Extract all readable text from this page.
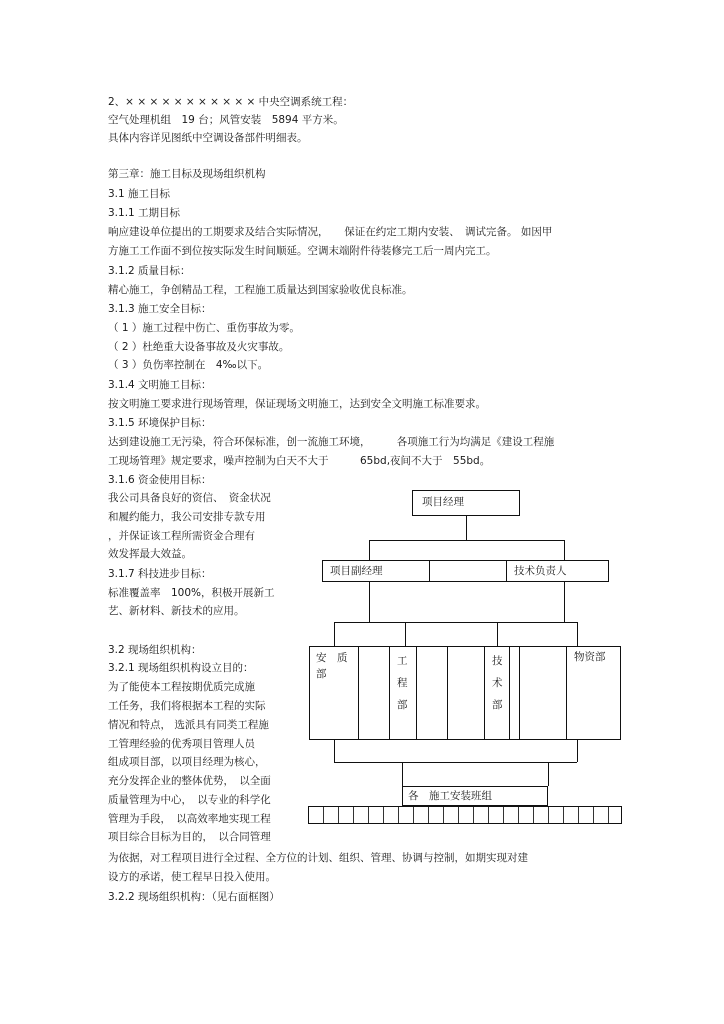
2、× × × × × × × × × × × 中央空调系统工程：
空气处理机组　19 台；风管安装　5894 平方米。
具体内容详见图纸中空调设备部件明细表。
第三章：施工目标及现场组织机构
3.1 施工目标
3.1.1 工期目标
响应建设单位提出的工期要求及结合实际情况，　　保证在约定工期内安装、　调试完备。 如因甲
方施工工作面不到位按实际发生时间顺延。空调末端附件待装修完工后一周内完工。
3.1.2 质量目标：
精心施工，争创精品工程，工程施工质量达到国家验收优良标准。
3.1.3 施工安全目标：
（ 1 ）施工过程中伤亡、重伤事故为零。
（ 2 ）杜绝重大设备事故及火灾事故。
（ 3 ）负伤率控制在　4‰以下。
3.1.4 文明施工目标：
按文明施工要求进行现场管理，保证现场文明施工，达到安全文明施工标准要求。
3.1.5 环境保护目标：
达到建设施工无污染，符合环保标准，创一流施工环境，　　　各项施工行为均满足《建设工程施
工现场管理》规定要求，噪声控制为白天不大于　　　65bd,夜间不大于　55bd。
3.1.6 资金使用目标：
我公司具备良好的资信、　资金状况
和履约能力，我公司安排专款专用
，并保证该工程所需资金合理有
效发挥最大效益。
3.1.7 科技进步目标：
标准覆盖率　100%，积极开展新工
艺、新材料、新技术的应用。
3.2 现场组织机构：
3.2.1 现场组织机构设立目的：
为了能使本工程按期优质完成施
工任务，我们将根据本工程的实际
情况和特点， 选派具有同类工程施
工管理经验的优秀项目管理人员
组成项目部，以项目经理为核心，
充分发挥企业的整体优势，　以全面
质量管理为中心，　以专业的科学化
管理为手段，　以高效率地实现工程
项目综合目标为目的，　以合同管理
为依据，对工程项目进行全过程、全方位的计划、组织、管理、协调与控制，如期实现对建
设方的承诺，使工程早日投入使用。
3.2.2 现场组织机构：（见右面框图）
项目经理
项目副经理	技术负责人
安　质部
工程部
技术部
物资部
各　施工安装班组
